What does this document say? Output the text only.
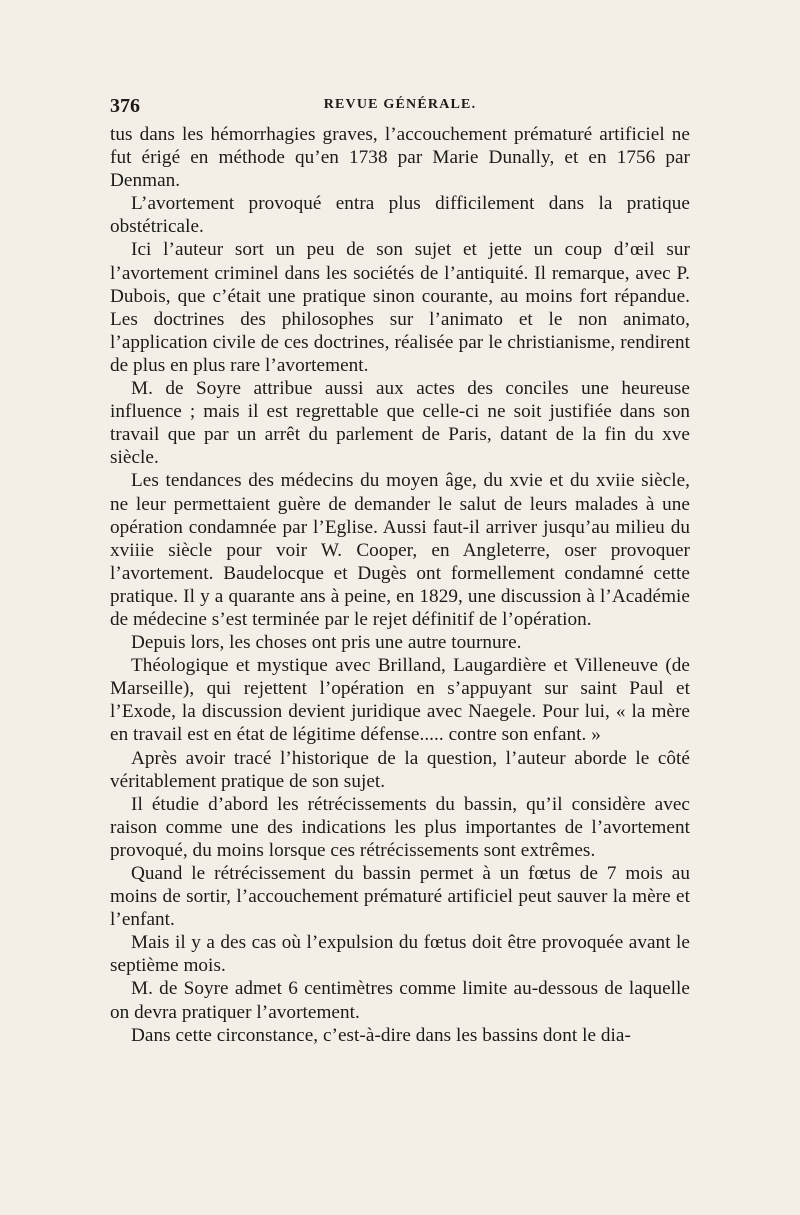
376	REVUE GÉNÉRALE.

tus dans les hémorrhagies graves, l’accouchement prématuré artificiel ne fut érigé en méthode qu’en 1738 par Marie Dunally, et en 1756 par Denman.

L’avortement provoqué entra plus difficilement dans la pratique obstétricale.

Ici l’auteur sort un peu de son sujet et jette un coup d’œil sur l’avortement criminel dans les sociétés de l’antiquité. Il remarque, avec P. Dubois, que c’était une pratique sinon courante, au moins fort répandue. Les doctrines des philosophes sur l’animato et le non animato, l’application civile de ces doctrines, réalisée par le christianisme, rendirent de plus en plus rare l’avortement.

M. de Soyre attribue aussi aux actes des conciles une heureuse influence ; mais il est regrettable que celle-ci ne soit justifiée dans son travail que par un arrêt du parlement de Paris, datant de la fin du xve siècle.

Les tendances des médecins du moyen âge, du xvie et du xviie siècle, ne leur permettaient guère de demander le salut de leurs malades à une opération condamnée par l’Eglise. Aussi faut-il arriver jusqu’au milieu du xviiie siècle pour voir W. Cooper, en Angleterre, oser provoquer l’avortement. Baudelocque et Dugès ont formellement condamné cette pratique. Il y a quarante ans à peine, en 1829, une discussion à l’Académie de médecine s’est terminée par le rejet définitif de l’opération.

Depuis lors, les choses ont pris une autre tournure.

Théologique et mystique avec Brilland, Laugardière et Villeneuve (de Marseille), qui rejettent l’opération en s’appuyant sur saint Paul et l’Exode, la discussion devient juridique avec Naegele. Pour lui, « la mère en travail est en état de légitime défense..... contre son enfant. »

Après avoir tracé l’historique de la question, l’auteur aborde le côté véritablement pratique de son sujet.

Il étudie d’abord les rétrécissements du bassin, qu’il considère avec raison comme une des indications les plus importantes de l’avortement provoqué, du moins lorsque ces rétrécissements sont extrêmes.

Quand le rétrécissement du bassin permet à un fœtus de 7 mois au moins de sortir, l’accouchement prématuré artificiel peut sauver la mère et l’enfant.

Mais il y a des cas où l’expulsion du fœtus doit être provoquée avant le septième mois.

M. de Soyre admet 6 centimètres comme limite au-dessous de laquelle on devra pratiquer l’avortement.

Dans cette circonstance, c’est-à-dire dans les bassins dont le dia-
